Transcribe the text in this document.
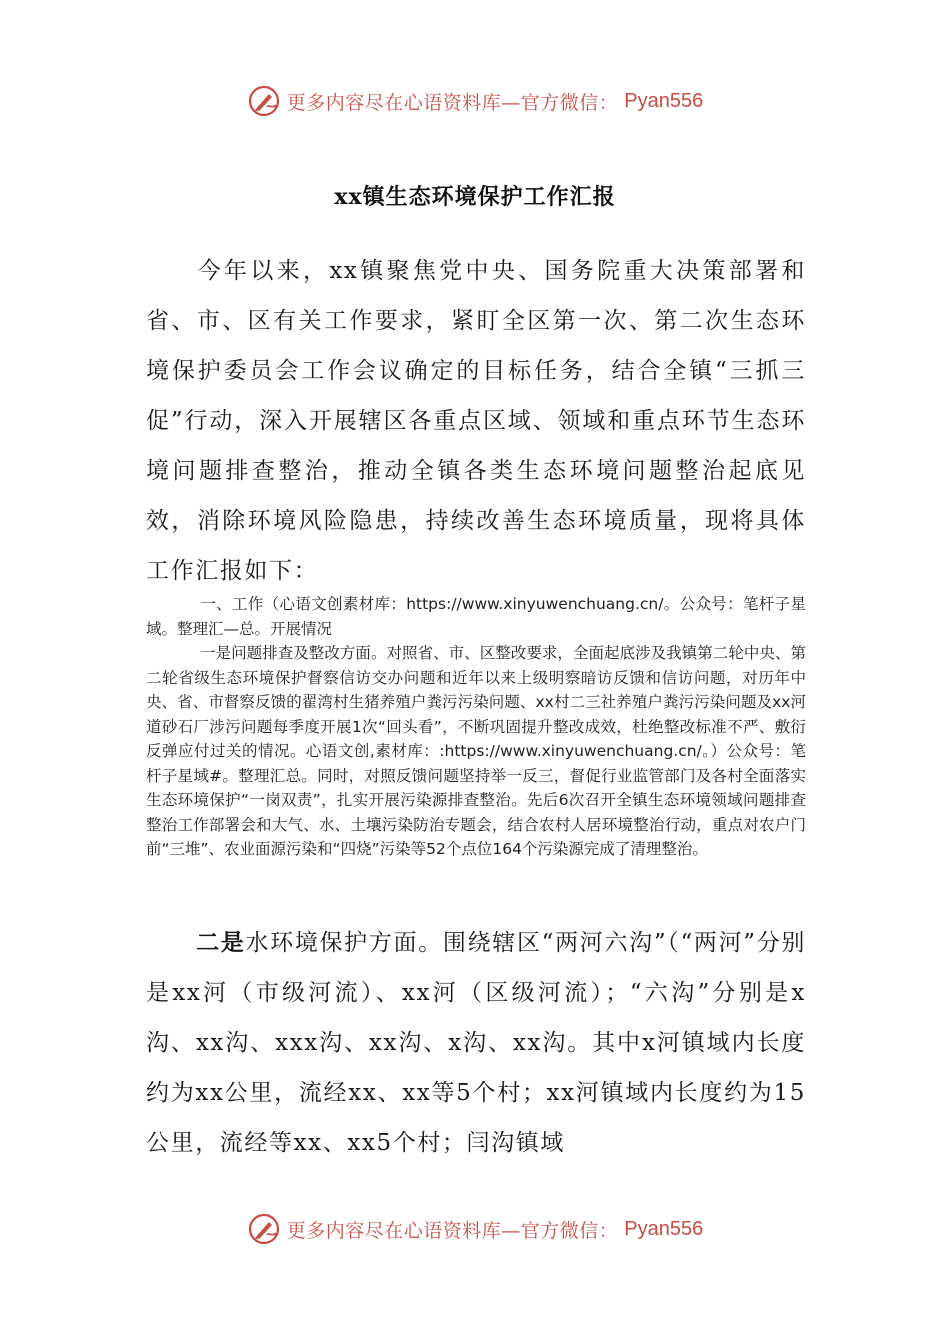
更多内容尽在心语资料库—官方微信： Pyan556
xx镇生态环境保护工作汇报
今年以来，xx镇聚焦党中央、国务院重大决策部署和省、市、区有关工作要求，紧盯全区第一次、第二次生态环境保护委员会工作会议确定的目标任务，结合全镇“三抓三促”行动，深入开展辖区各重点区域、领域和重点环节生态环境问题排查整治，推动全镇各类生态环境问题整治起底见效，消除环境风险隐患，持续改善生态环境质量，现将具体工作汇报如下：

一、工作（心语文创素材库：https://www.xinyuwenchuang.cn/。公众号：笔杆子星域。整理汇—总。开展情况

一是问题排查及整改方面。对照省、市、区整改要求，全面起底涉及我镇第二轮中央、第二轮省级生态环境保护督察信访交办问题和近年以来上级明察暗访反馈和信访问题，对历年中央、省、市督察反馈的翟湾村生猪养殖户粪污污染问题、xx村二三社养殖户粪污污染问题及xx河道砂石厂涉污问题每季度开展1次“回头看”，不断巩固提升整改成效，杜绝整改标准不严、敷衍反弹应付过关的情况。心语文创,素材库：:https://www.xinyuwenchuang.cn/。）公众号：笔杆子星域#。整理汇总。同时，对照反馈问题坚持举一反三，督促行业监管部门及各村全面落实生态环境保护“一岗双责”，扎实开展污染源排查整治。先后6次召开全镇生态环境领域问题排查整治工作部署会和大气、水、土壤污染防治专题会，结合农村人居环境整治行动，重点对农户门前“三堆”、农业面源污染和“四烧”污染等52个点位164个污染源完成了清理整治。

二是水环境保护方面。围绕辖区“两河六沟”（“两河”分别是xx河（市级河流）、xx河（区级河流）；“六沟”分别是x沟、xx沟、xxx沟、xx沟、x沟、xx沟。其中x河镇域内长度约为xx公里，流经xx、xx等5个村；xx河镇域内长度约为15公里，流经等xx、xx5个村；闫沟镇域
更多内容尽在心语资料库—官方微信： Pyan556
